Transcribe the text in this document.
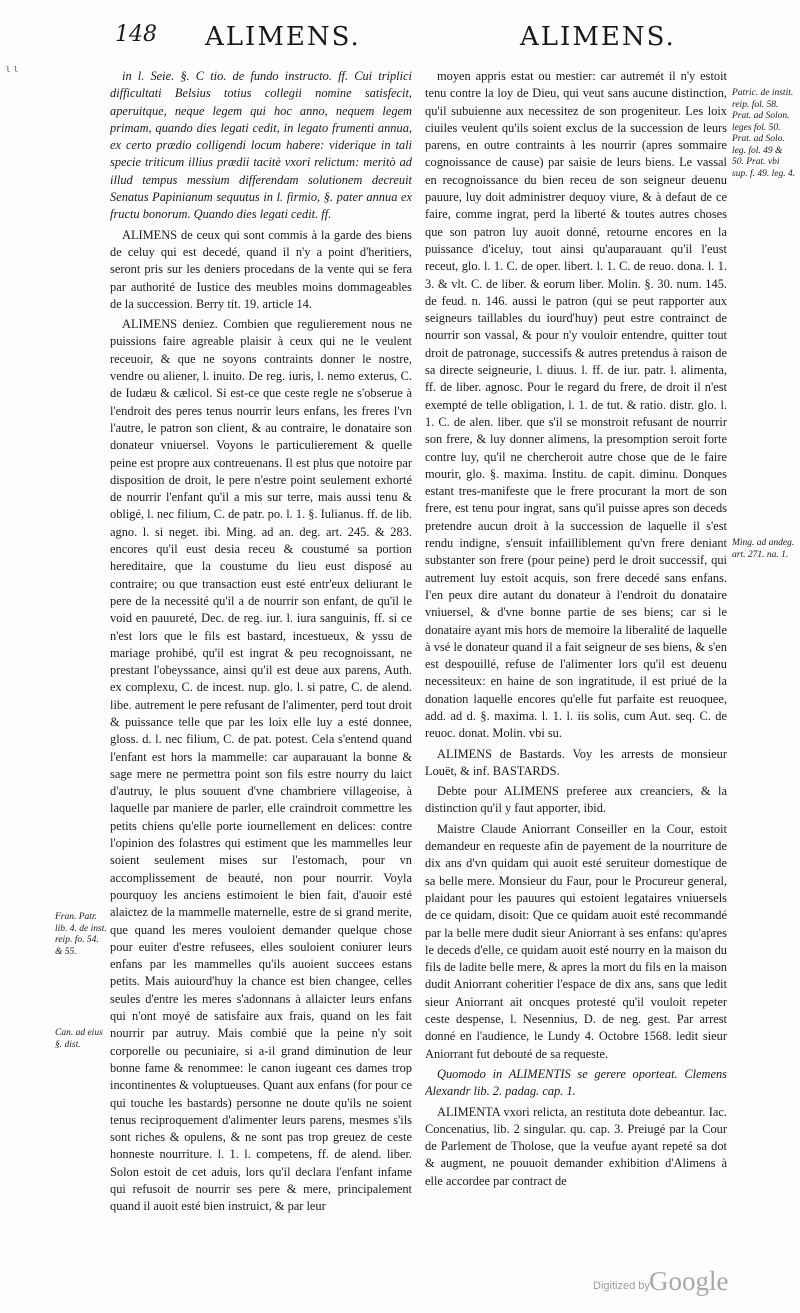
148 ALIMENS.	ALIMENS.
ι ι

in l. Seie. §. C tio. de fundo instructo. ff. Cui triplici difficultati Belsius totius collegii nomine satisfecit, aperuitque, neque legem qui hoc anno, nequem legem primam, quando dies legati cedit, in legato frumenti annua, ex certo prædio colligendi locum habere: viderique in tali specie triticum illius prædii tacitè vxori relictum: meritò ad illud tempus messium differendam solutionem decreuit Senatus Papinianum sequutus in l. firmio, §. pater annua ex fructu bonorum. Quando dies legati cedit. ff.

ALIMENS de ceux qui sont commis à la garde des biens de celuy qui est decedé, quand il n'y a point d'heritiers, seront pris sur les deniers procedans de la vente qui se fera par authorité de Iustice des meubles moins dommageables de la succession. Berry tit. 19. article 14.

ALIMENS deniez. Combien que regulierement nous ne puissions faire agreable plaisir à ceux qui ne le veulent receuoir, & que ne soyons contraints donner le nostre, vendre ou aliener, l. inuito. De reg. iuris, l. nemo exterus, C. de Iudæu & cælicol. Si est-ce que ceste regle ne s'obserue à l'endroit des peres tenus nourrir leurs enfans, les freres l'vn l'autre, le patron son client, & au contraire, le donataire son donateur vniuersel. Voyons le particulierement & quelle peine est propre aux contreuenans. Il est plus que notoire par disposition de droit, le pere n'estre point seulement exhorté de nourrir l'enfant qu'il a mis sur terre, mais aussi tenu & obligé, l. nec filium, C. de patr. po. l. 1. §. Iulianus. ff. de lib. agno. l. si neget. ibi. Ming. ad an. deg. art. 245. & 283. encores qu'il eust desia receu & coustumé sa portion hereditaire, que la coustume du lieu eust disposé au contraire; ou que transaction eust esté entr'eux deliurant le pere de la necessité qu'il a de nourrir son enfant, de qu'il le void en pauureté, Dec. de reg. iur. l. iura sanguinis, ff. si ce n'est lors que le fils est bastard, incestueux, & yssu de mariage prohibé, qu'il est ingrat & peu recognoissant, ne prestant l'obeyssance, ainsi qu'il est deue aux parens, Auth. ex complexu, C. de incest. nup. glo. l. si patre, C. de alend. libe. autrement le pere refusant de l'alimenter, perd tout droit & puissance telle que par les loix elle luy a esté donnee, gloss. d. l. nec filium, C. de pat. potest. Cela s'entend quand l'enfant est hors la mammelle: car auparauant la bonne & sage mere ne permettra point son fils estre nourry du laict d'autruy, le plus souuent d'vne chambriere villageoise, à laquelle par maniere de parler, elle craindroit commettre les petits chiens qu'elle porte iournellement en delices: contre l'opinion des folastres qui estiment que les mammelles leur soient seulement mises sur l'estomach, pour vn accomplissement de beauté, non pour nourrir. Voyla pourquoy les anciens estimoient le bien fait, d'auoir esté alaictez de la mammelle maternelle, estre de si grand merite, que quand les meres vouloient demander quelque chose pour euiter d'estre refusees, elles souloient coniurer leurs enfans par les mammelles qu'ils auoient succees estans petits. Mais auiourd'huy la chance est bien changee, celles seules d'entre les meres s'adonnans à allaicter leurs enfans qui n'ont moyé de satisfaire aux frais, quand on les fait nourrir par autruy. Mais combié que la peine n'y soit corporelle ou pecuniaire, si a-il grand diminution de leur bonne fame & renommee: le canon iugeant ces dames trop incontinentes & voluptueuses. Quant aux enfans (for pour ce qui touche les bastards) personne ne doute qu'ils ne soient tenus reciproquement d'alimenter leurs parens, mesmes s'ils sont riches & opulens, & ne sont pas trop greuez de ceste honneste nourriture. l. 1. l. competens, ff. de alend. liber. Solon estoit de cet aduis, lors qu'il declara l'enfant infame qui refusoit de nourrir ses pere & mere, principalement quand il auoit esté bien instruict, & par leur

moyen appris estat ou mestier: car autremét il n'y estoit tenu contre la loy de Dieu, qui veut sans aucune distinction, qu'il subuienne aux necessitez de son progeniteur. Les loix ciuiles veulent qu'ils soient exclus de la succession de leurs parens, en outre contraints à les nourrir (apres sommaire cognoissance de cause) par saisie de leurs biens. Le vassal en recognoissance du bien receu de son seigneur deuenu pauure, luy doit administrer dequoy viure, & à defaut de ce faire, comme ingrat, perd la liberté & toutes autres choses que son patron luy auoit donné, retourne encores en la puissance d'iceluy, tout ainsi qu'auparauant qu'il l'eust receut, glo. l. 1. C. de oper. libert. l. 1. C. de reuo. dona. l. 1. 3. & vlt. C. de liber. & eorum liber. Molin. §. 30. num. 145. de feud. n. 146. aussi le patron (qui se peut rapporter aux seigneurs taillables du iourd'huy) peut estre contrainct de nourrir son vassal, & pour n'y vouloir entendre, quitter tout droit de patronage, successifs & autres pretendus à raison de sa directe seigneurie, l. diuus. l. ff. de iur. patr. l. alimenta, ff. de liber. agnosc. Pour le regard du frere, de droit il n'est exempté de telle obligation, l. 1. de tut. & ratio. distr. glo. l. 1. C. de alen. liber. que s'il se monstroit refusant de nourrir son frere, & luy donner alimens, la presomption seroit forte contre luy, qu'il ne chercheroit autre chose que de le faire mourir, glo. §. maxima. Institu. de capit. diminu. Donques estant tres-manifeste que le frere procurant la mort de son frere, est tenu pour ingrat, sans qu'il puisse apres son deceds pretendre aucun droit à la succession de laquelle il s'est rendu indigne, s'ensuit infailliblement qu'vn frere deniant substanter son frere (pour peine) perd le droit successif, qui autrement luy estoit acquis, son frere decedé sans enfans. I'en peux dire autant du donateur à l'endroit du donataire vniuersel, & d'vne bonne partie de ses biens; car si le donataire ayant mis hors de memoire la liberalité de laquelle à vsé le donateur quand il a fait seigneur de ses biens, & s'en est despouillé, refuse de l'alimenter lors qu'il est deuenu necessiteux: en haine de son ingratitude, il est priué de la donation laquelle encores qu'elle fut parfaite est reuoquee, add. ad d. §. maxima. l. 1. l. iis solis, cum Aut. seq. C. de reuoc. donat. Molin. vbi su.

ALIMENS de Bastards. Voy les arrests de monsieur Louët, & inf. BASTARDS.

Debte pour ALIMENS preferee aux creanciers, & la distinction qu'il y faut apporter, ibid.

Maistre Claude Aniorrant Conseiller en la Cour, estoit demandeur en requeste afin de payement de la nourriture de dix ans d'vn quidam qui auoit esté seruiteur domestique de sa belle mere. Monsieur du Faur, pour le Procureur general, plaidant pour les pauures qui estoient legataires vniuersels de ce quidam, disoit: Que ce quidam auoit esté recommandé par la belle mere dudit sieur Aniorrant à ses enfans: qu'apres le deceds d'elle, ce quidam auoit esté nourry en la maison du fils de ladite belle mere, & apres la mort du fils en la maison dudit Aniorrant coheritier l'espace de dix ans, sans que ledit sieur Aniorrant ait oncques protesté qu'il vouloit repeter ceste despense, l. Nesennius, D. de neg. gest. Par arrest donné en l'audience, le Lundy 4. Octobre 1568. ledit sieur Aniorrant fut debouté de sa requeste.

Quomodo in ALIMENTIS se gerere oporteat. Clemens Alexandr lib. 2. padag. cap. 1.

ALIMENTA vxori relicta, an restituta dote debeantur. Iac. Concenatius, lib. 2 singular. qu. cap. 3. Preiugé par la Cour de Parlement de Tholose, que la veufue ayant repeté sa dot & augment, ne pouuoit demander exhibition d'Alimens à elle accordee par contract de

Fran. Patr. lib. 4. de inst. reip. fo. 54. & 55.
Can. ad eius §. dist.
Patric. de instit. reip. fol. 58. Prat. ad Solon. leges fol. 50. Prat. ad Solo. leg. fol. 49 & 50. Prat. vbi sup. f. 49. leg. 4.
Ming. ad andeg. art. 271. na. 1.
Digitized by Google
